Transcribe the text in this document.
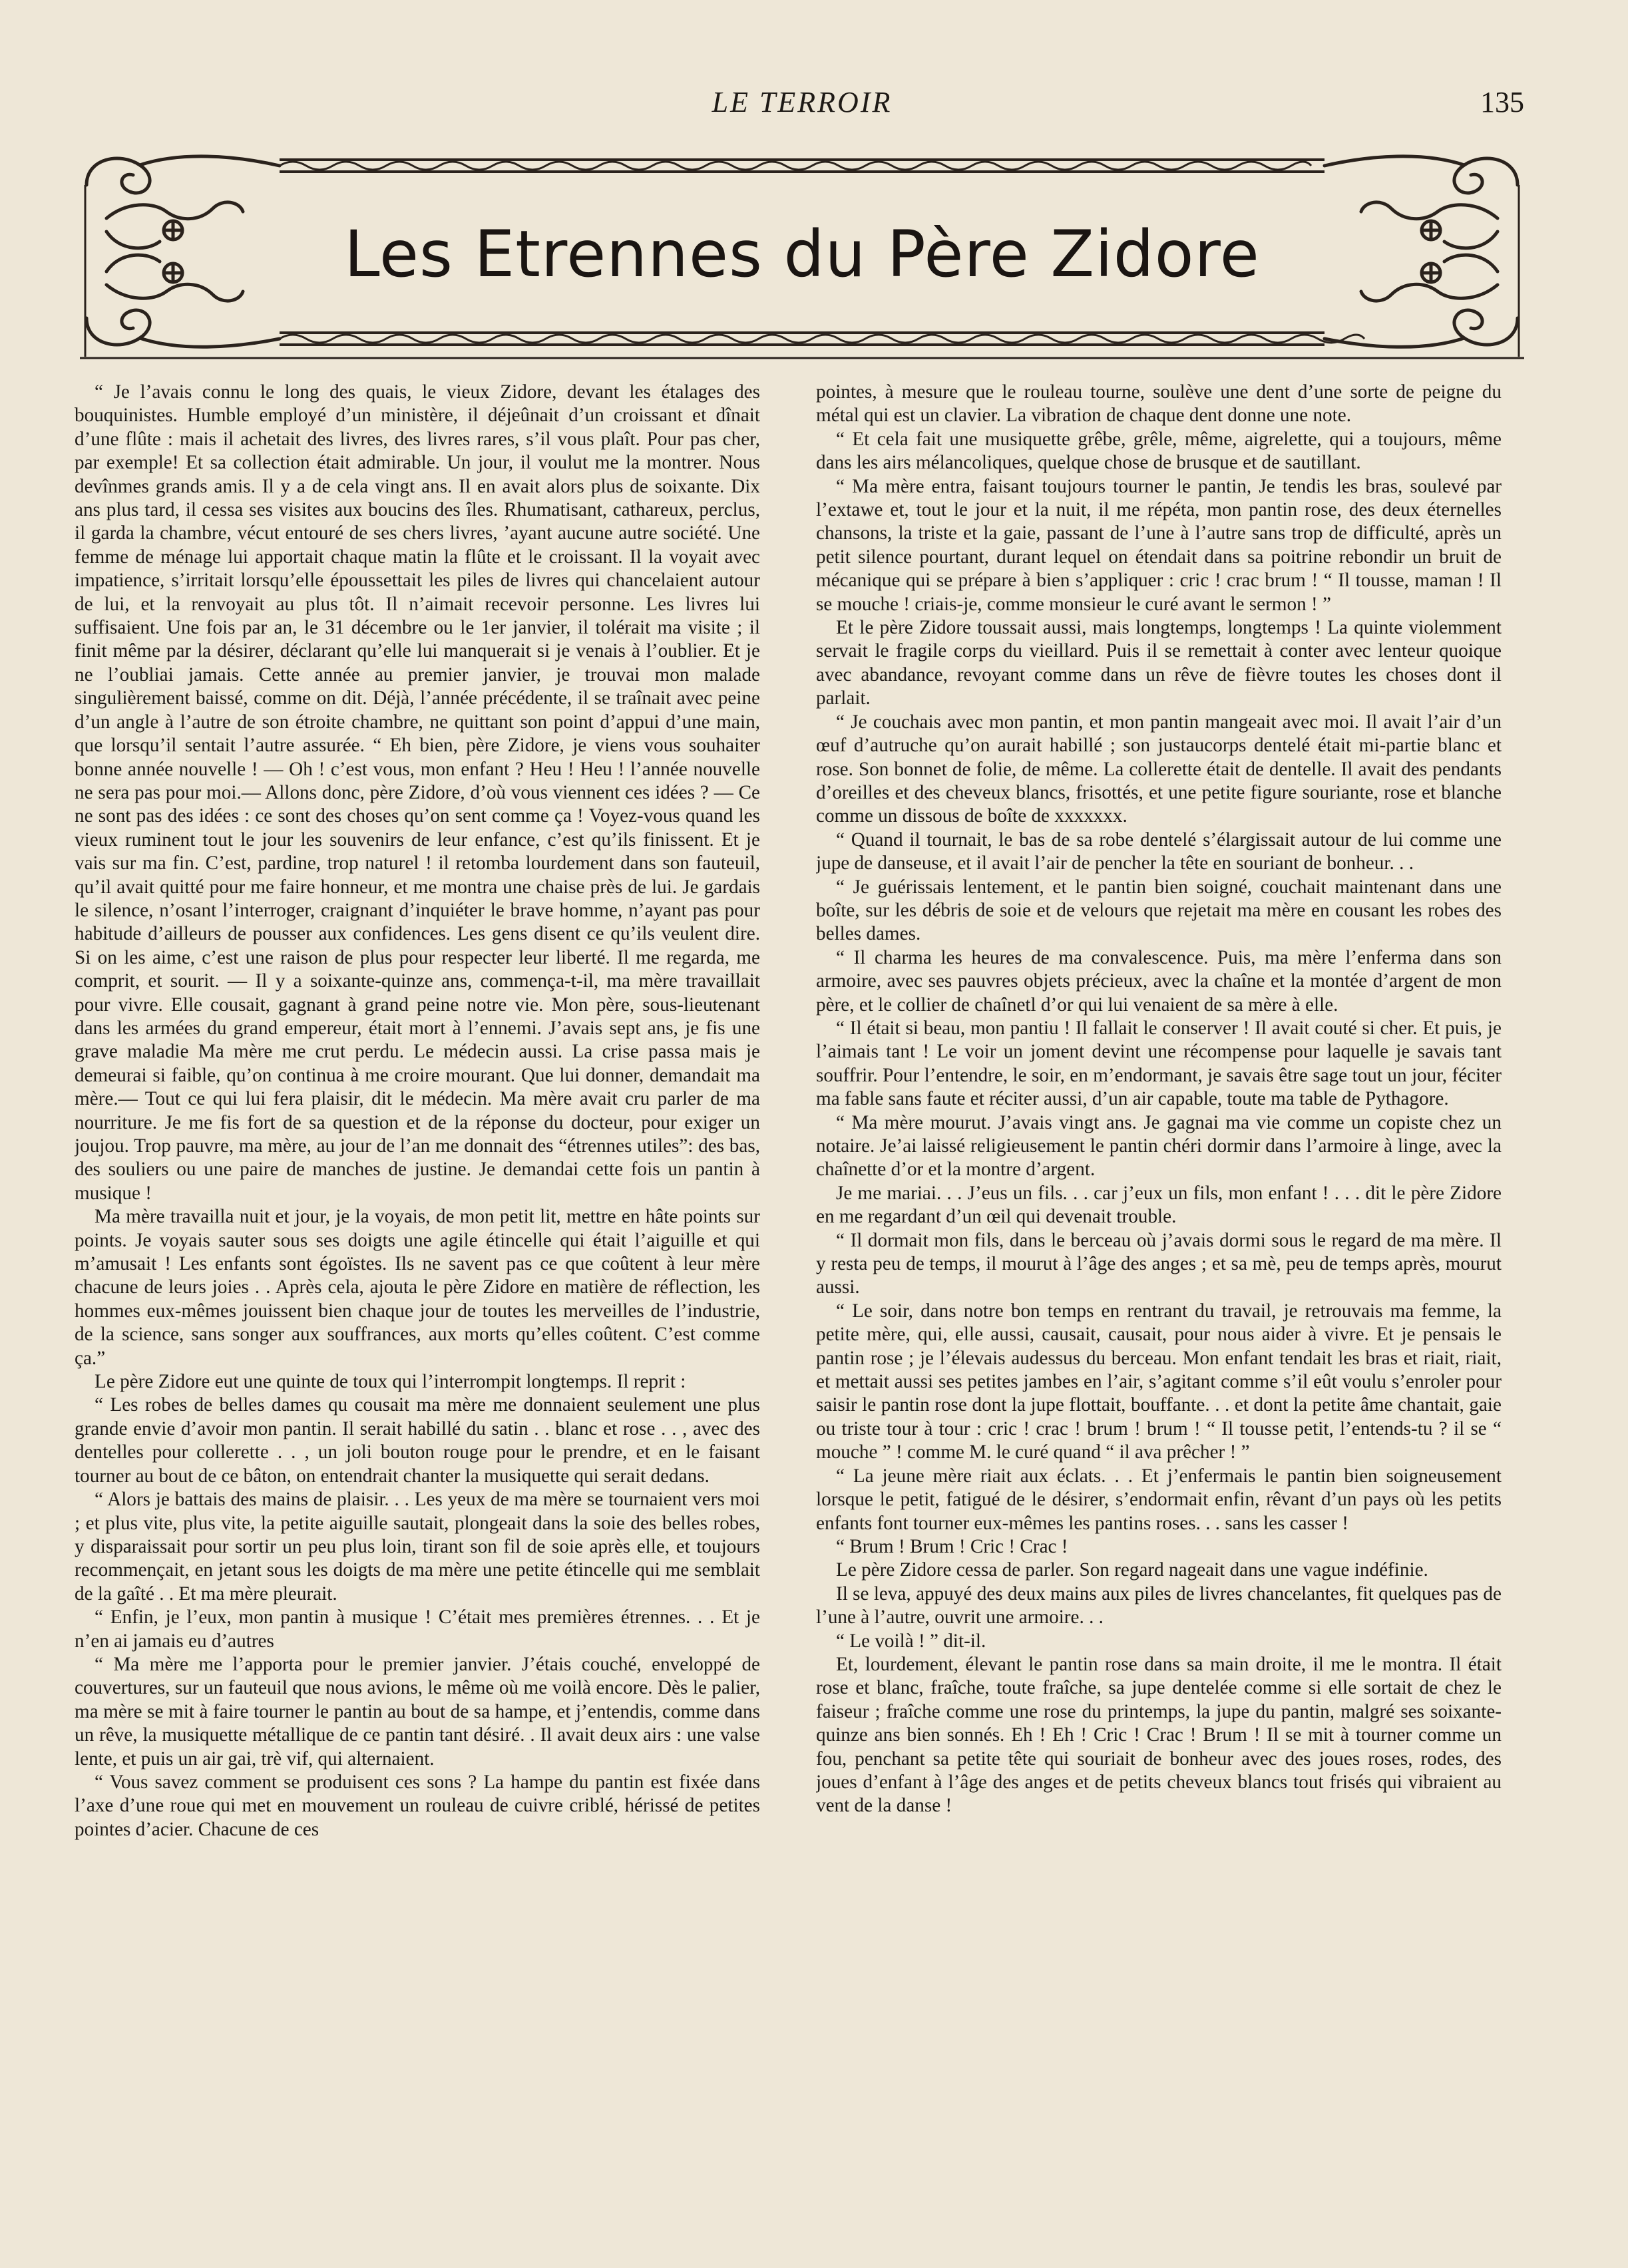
LE TERROIR	135
Les Etrennes du Père Zidore

“ Je l’avais connu le long des quais, le vieux Zidore, devant les étalages des bouquinistes. Humble employé d’un ministère, il déjeûnait d’un croissant et dînait d’une flûte : mais il achetait des livres, des livres rares, s’il vous plaît. Pour pas cher, par exemple! Et sa collection était admirable. Un jour, il voulut me la montrer. Nous devînmes grands amis. Il y a de cela vingt ans. Il en avait alors plus de soixante. Dix ans plus tard, il cessa ses visites aux boucins des îles. Rhumatisant, cathareux, perclus, il garda la chambre, vécut entouré de ses chers livres, ’ayant aucune autre société. Une femme de ménage lui apportait chaque matin la flûte et le croissant. Il la voyait avec impatience, s’irritait lorsqu’elle époussettait les piles de livres qui chancelaient autour de lui, et la renvoyait au plus tôt. Il n’aimait recevoir personne. Les livres lui suffisaient. Une fois par an, le 31 décembre ou le 1er janvier, il tolérait ma visite ; il finit même par la désirer, déclarant qu’elle lui manquerait si je venais à l’oublier. Et je ne l’oubliai jamais. Cette année au premier janvier, je trouvai mon malade singulièrement baissé, comme on dit. Déjà, l’année précédente, il se traînait avec peine d’un angle à l’autre de son étroite chambre, ne quittant son point d’appui d’une main, que lorsqu’il sentait l’autre assurée. “ Eh bien, père Zidore, je viens vous souhaiter bonne année nouvelle ! — Oh ! c’est vous, mon enfant ? Heu ! Heu ! l’année nouvelle ne sera pas pour moi.— Allons donc, père Zidore, d’où vous viennent ces idées ? — Ce ne sont pas des idées : ce sont des choses qu’on sent comme ça ! Voyez-vous quand les vieux ruminent tout le jour les souvenirs de leur enfance, c’est qu’ils finissent. Et je vais sur ma fin. C’est, pardine, trop naturel ! il retomba lourdement dans son fauteuil, qu’il avait quitté pour me faire honneur, et me montra une chaise près de lui. Je gardais le silence, n’osant l’interroger, craignant d’inquiéter le brave homme, n’ayant pas pour habitude d’ailleurs de pousser aux confidences. Les gens disent ce qu’ils veulent dire. Si on les aime, c’est une raison de plus pour respecter leur liberté. Il me regarda, me comprit, et sourit. — Il y a soixante-quinze ans, commença-t-il, ma mère travaillait pour vivre. Elle cousait, gagnant à grand peine notre vie. Mon père, sous-lieutenant dans les armées du grand empereur, était mort à l’ennemi. J’avais sept ans, je fis une grave maladie Ma mère me crut perdu. Le médecin aussi. La crise passa mais je demeurai si faible, qu’on continua à me croire mourant. Que lui donner, demandait ma mère.— Tout ce qui lui fera plaisir, dit le médecin. Ma mère avait cru parler de ma nourriture. Je me fis fort de sa question et de la réponse du docteur, pour exiger un joujou. Trop pauvre, ma mère, au jour de l’an me donnait des “étrennes utiles”: des bas, des souliers ou une paire de manches de justine. Je demandai cette fois un pantin à musique !

Ma mère travailla nuit et jour, je la voyais, de mon petit lit, mettre en hâte points sur points. Je voyais sauter sous ses doigts une agile étincelle qui était l’aiguille et qui m’amusait ! Les enfants sont égoïstes. Ils ne savent pas ce que coûtent à leur mère chacune de leurs joies . . Après cela, ajouta le père Zidore en matière de réflection, les hommes eux-mêmes jouissent bien chaque jour de toutes les merveilles de l’industrie, de la science, sans songer aux souffrances, aux morts qu’elles coûtent. C’est comme ça.”

Le père Zidore eut une quinte de toux qui l’interrompit longtemps. Il reprit :

“ Les robes de belles dames qu cousait ma mère me donnaient seulement une plus grande envie d’avoir mon pantin. Il serait habillé du satin . . blanc et rose . . , avec des dentelles pour collerette . . , un joli bouton rouge pour le prendre, et en le faisant tourner au bout de ce bâton, on entendrait chanter la musiquette qui serait dedans.

“ Alors je battais des mains de plaisir. . . Les yeux de ma mère se tournaient vers moi ; et plus vite, plus vite, la petite aiguille sautait, plongeait dans la soie des belles robes, y disparaissait pour sortir un peu plus loin, tirant son fil de soie après elle, et toujours recommençait, en jetant sous les doigts de ma mère une petite étincelle qui me semblait de la gaîté . . Et ma mère pleurait.

“ Enfin, je l’eux, mon pantin à musique ! C’était mes premières étrennes. . . Et je n’en ai jamais eu d’autres

“ Ma mère me l’apporta pour le premier janvier. J’étais couché, enveloppé de couvertures, sur un fauteuil que nous avions, le même où me voilà encore. Dès le palier, ma mère se mit à faire tourner le pantin au bout de sa hampe, et j’entendis, comme dans un rêve, la musiquette métallique de ce pantin tant désiré. . Il avait deux airs : une valse lente, et puis un air gai, trè vif, qui alternaient.

“ Vous savez comment se produisent ces sons ? La hampe du pantin est fixée dans l’axe d’une roue qui met en mouvement un rouleau de cuivre criblé, hérissé de petites pointes d’acier. Chacune de ces

pointes, à mesure que le rouleau tourne, soulève une dent d’une sorte de peigne du métal qui est un clavier. La vibration de chaque dent donne une note.

“ Et cela fait une musiquette grêbe, grêle, même, aigrelette, qui a toujours, même dans les airs mélancoliques, quelque chose de brusque et de sautillant.

“ Ma mère entra, faisant toujours tourner le pantin, Je tendis les bras, soulevé par l’extawe et, tout le jour et la nuit, il me répéta, mon pantin rose, des deux éternelles chansons, la triste et la gaie, passant de l’une à l’autre sans trop de difficulté, après un petit silence pourtant, durant lequel on étendait dans sa poitrine rebondir un bruit de mécanique qui se prépare à bien s’appliquer : cric ! crac brum ! “ Il tousse, maman ! Il se mouche ! criais-je, comme monsieur le curé avant le sermon ! ”

Et le père Zidore toussait aussi, mais longtemps, longtemps ! La quinte violemment servait le fragile corps du vieillard. Puis il se remettait à conter avec lenteur quoique avec abandance, revoyant comme dans un rêve de fièvre toutes les choses dont il parlait.

“ Je couchais avec mon pantin, et mon pantin mangeait avec moi. Il avait l’air d’un œuf d’autruche qu’on aurait habillé ; son justaucorps dentelé était mi-partie blanc et rose. Son bonnet de folie, de même. La collerette était de dentelle. Il avait des pendants d’oreilles et des cheveux blancs, frisottés, et une petite figure souriante, rose et blanche comme un dissous de boîte de xxxxxxx.

“ Quand il tournait, le bas de sa robe dentelé s’élargissait autour de lui comme une jupe de danseuse, et il avait l’air de pencher la tête en souriant de bonheur. . .

“ Je guérissais lentement, et le pantin bien soigné, couchait maintenant dans une boîte, sur les débris de soie et de velours que rejetait ma mère en cousant les robes des belles dames.

“ Il charma les heures de ma convalescence. Puis, ma mère l’enferma dans son armoire, avec ses pauvres objets précieux, avec la chaîne et la montée d’argent de mon père, et le collier de chaînetl d’or qui lui venaient de sa mère à elle.

“ Il était si beau, mon pantiu ! Il fallait le conserver ! Il avait couté si cher. Et puis, je l’aimais tant ! Le voir un joment devint une récompense pour laquelle je savais tant souffrir. Pour l’entendre, le soir, en m’endormant, je savais être sage tout un jour, féciter ma fable sans faute et réciter aussi, d’un air capable, toute ma table de Pythagore.

“ Ma mère mourut. J’avais vingt ans. Je gagnai ma vie comme un copiste chez un notaire. Je’ai laissé religieusement le pantin chéri dormir dans l’armoire à linge, avec la chaînette d’or et la montre d’argent.

Je me mariai. . . J’eus un fils. . . car j’eux un fils, mon enfant ! . . . dit le père Zidore en me regardant d’un œil qui devenait trouble.

“ Il dormait mon fils, dans le berceau où j’avais dormi sous le regard de ma mère. Il y resta peu de temps, il mourut à l’âge des anges ; et sa mè, peu de temps après, mourut aussi.

“ Le soir, dans notre bon temps en rentrant du travail, je retrouvais ma femme, la petite mère, qui, elle aussi, causait, causait, pour nous aider à vivre. Et je pensais le pantin rose ; je l’élevais audessus du berceau. Mon enfant tendait les bras et riait, riait, et mettait aussi ses petites jambes en l’air, s’agitant comme s’il eût voulu s’enroler pour saisir le pantin rose dont la jupe flottait, bouffante. . . et dont la petite âme chantait, gaie ou triste tour à tour : cric ! crac ! brum ! brum ! “ Il tousse petit, l’entends-tu ? il se “ mouche ” ! comme M. le curé quand “ il ava prêcher ! ”

“ La jeune mère riait aux éclats. . . Et j’enfermais le pantin bien soigneusement lorsque le petit, fatigué de le désirer, s’endormait enfin, rêvant d’un pays où les petits enfants font tourner eux-mêmes les pantins roses. . . sans les casser !

“ Brum ! Brum ! Cric ! Crac !

Le père Zidore cessa de parler. Son regard nageait dans une vague indéfinie.

Il se leva, appuyé des deux mains aux piles de livres chancelantes, fit quelques pas de l’une à l’autre, ouvrit une armoire. . .

“ Le voilà ! ” dit-il.

Et, lourdement, élevant le pantin rose dans sa main droite, il me le montra. Il était rose et blanc, fraîche, toute fraîche, sa jupe dentelée comme si elle sortait de chez le faiseur ; fraîche comme une rose du printemps, la jupe du pantin, malgré ses soixante-quinze ans bien sonnés. Eh ! Eh ! Cric ! Crac ! Brum ! Il se mit à tourner comme un fou, penchant sa petite tête qui souriait de bonheur avec des joues roses, rodes, des joues d’enfant à l’âge des anges et de petits cheveux blancs tout frisés qui vibraient au vent de la danse !
